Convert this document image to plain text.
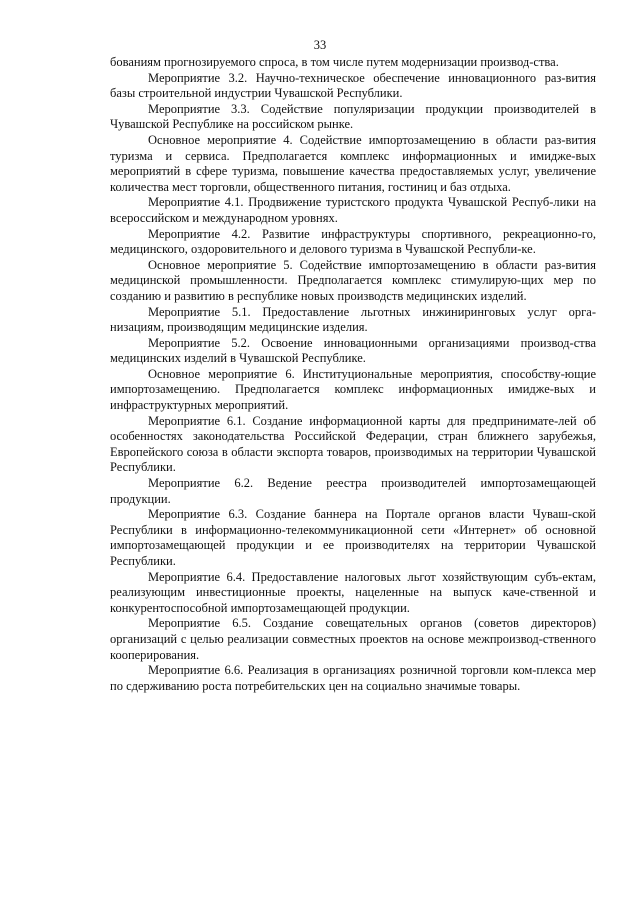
33

бованиям прогнозируемого спроса, в том числе путем модернизации производ-ства.

Мероприятие 3.2. Научно-техническое обеспечение инновационного раз-вития базы строительной индустрии Чувашской Республики.

Мероприятие 3.3. Содействие популяризации продукции производителей в Чувашской Республике на российском рынке.

Основное мероприятие 4. Содействие импортозамещению в области раз-вития туризма и сервиса. Предполагается комплекс информационных и имидже-вых мероприятий в сфере туризма, повышение качества предоставляемых услуг, увеличение количества мест торговли, общественного питания, гостиниц и баз отдыха.

Мероприятие 4.1. Продвижение туристского продукта Чувашской Респуб-лики на всероссийском и международном уровнях.

Мероприятие 4.2. Развитие инфраструктуры спортивного, рекреационно-го, медицинского, оздоровительного и делового туризма в Чувашской Республи-ке.

Основное мероприятие 5. Содействие импортозамещению в области раз-вития медицинской промышленности. Предполагается комплекс стимулирую-щих мер по созданию и развитию в республике новых производств медицинских изделий.

Мероприятие 5.1. Предоставление льготных инжиниринговых услуг орга-низациям, производящим медицинские изделия.

Мероприятие 5.2. Освоение инновационными организациями производ-ства медицинских изделий в Чувашской Республике.

Основное мероприятие 6. Институциональные мероприятия, способству-ющие импортозамещению. Предполагается комплекс информационных имидже-вых и инфраструктурных мероприятий.

Мероприятие 6.1. Создание информационной карты для предпринимате-лей об особенностях законодательства Российской Федерации, стран ближнего зарубежья, Европейского союза в области экспорта товаров, производимых на территории Чувашской Республики.

Мероприятие 6.2. Ведение реестра производителей импортозамещающей продукции.

Мероприятие 6.3. Создание баннера на Портале органов власти Чуваш-ской Республики в информационно-телекоммуникационной сети «Интернет» об основной импортозамещающей продукции и ее производителях на территории Чувашской Республики.

Мероприятие 6.4. Предоставление налоговых льгот хозяйствующим субъ-ектам, реализующим инвестиционные проекты, нацеленные на выпуск каче-ственной и конкурентоспособной импортозамещающей продукции.

Мероприятие 6.5. Создание совещательных органов (советов директоров) организаций с целью реализации совместных проектов на основе межпроизвод-ственного кооперирования.

Мероприятие 6.6. Реализация в организациях розничной торговли ком-плекса мер по сдерживанию роста потребительских цен на социально значимые товары.
